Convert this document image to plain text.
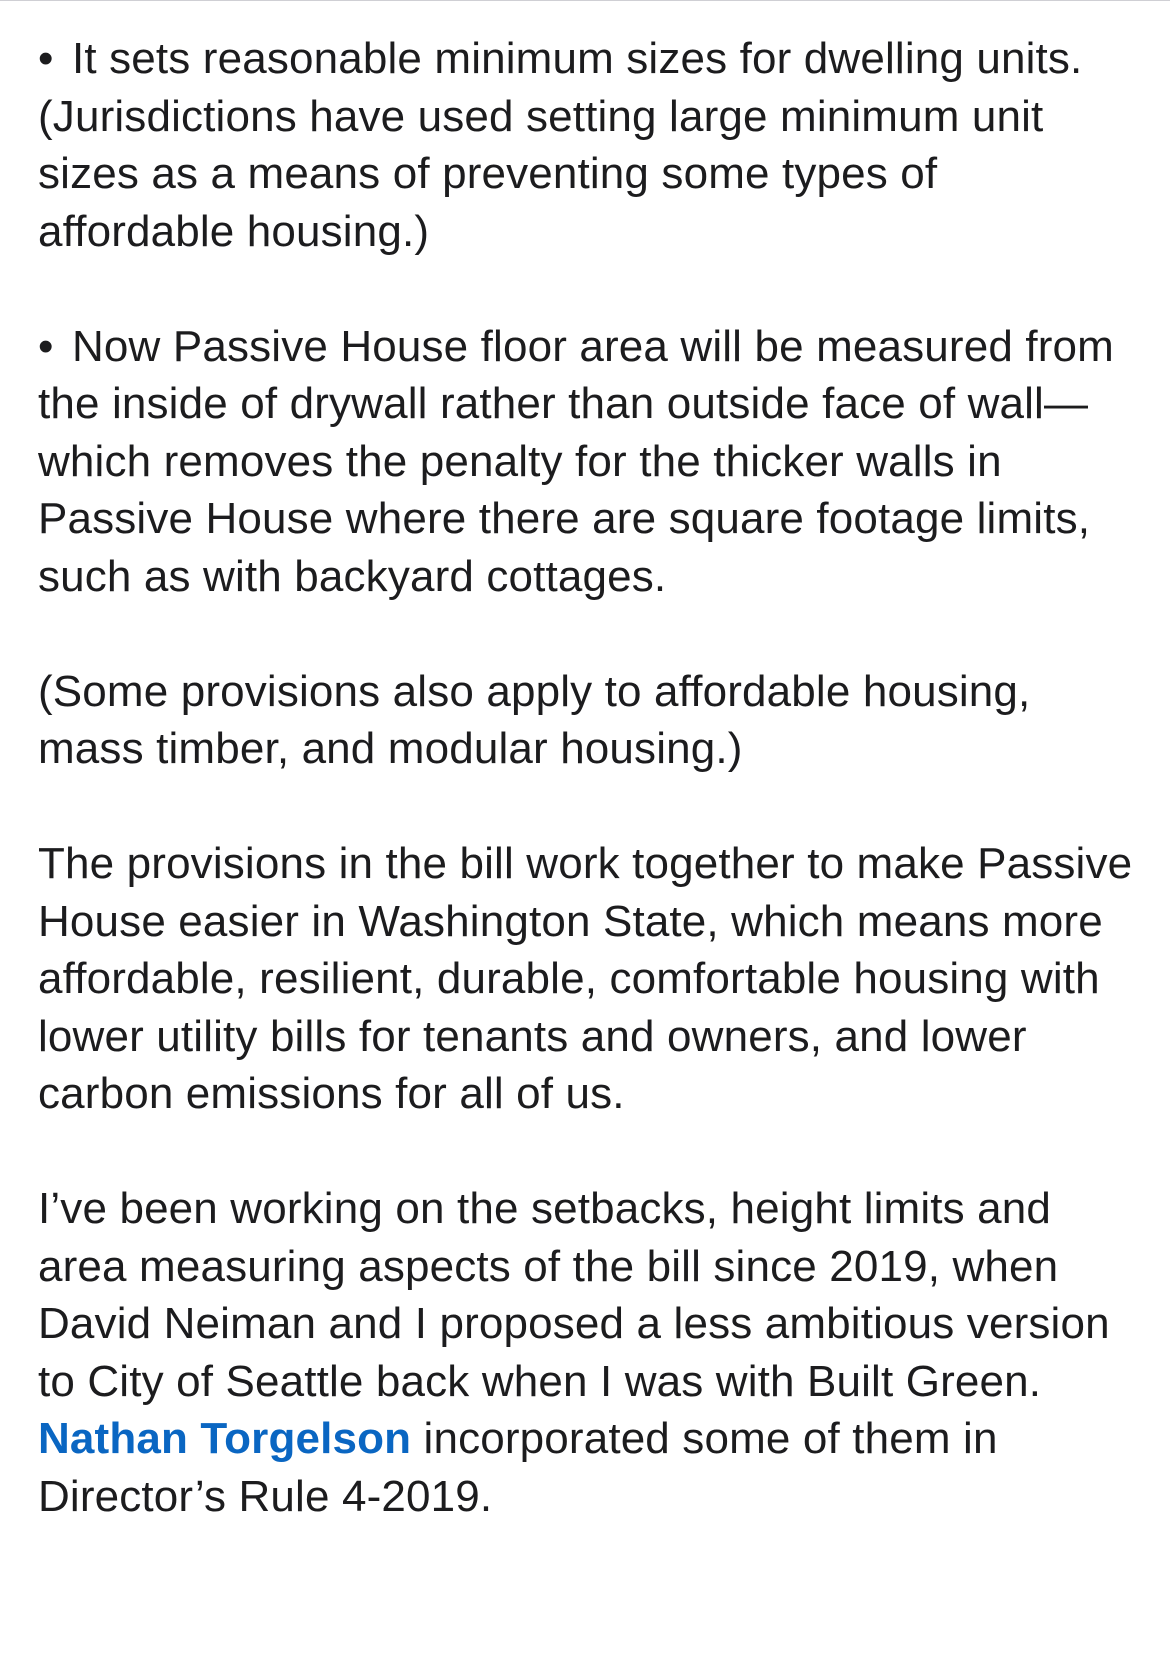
• It sets reasonable minimum sizes for dwelling units. (Jurisdictions have used setting large minimum unit sizes as a means of preventing some types of affordable housing.)

• Now Passive House floor area will be measured from the inside of drywall rather than outside face of wall—which removes the penalty for the thicker walls in Passive House where there are square footage limits, such as with backyard cottages.

(Some provisions also apply to affordable housing, mass timber, and modular housing.)

The provisions in the bill work together to make Passive House easier in Washington State, which means more affordable, resilient, durable, comfortable housing with lower utility bills for tenants and owners, and lower carbon emissions for all of us.

I’ve been working on the setbacks, height limits and area measuring aspects of the bill since 2019, when David Neiman and I proposed a less ambitious version to City of Seattle back when I was with Built Green. Nathan Torgelson incorporated some of them in Director’s Rule 4-2019.
